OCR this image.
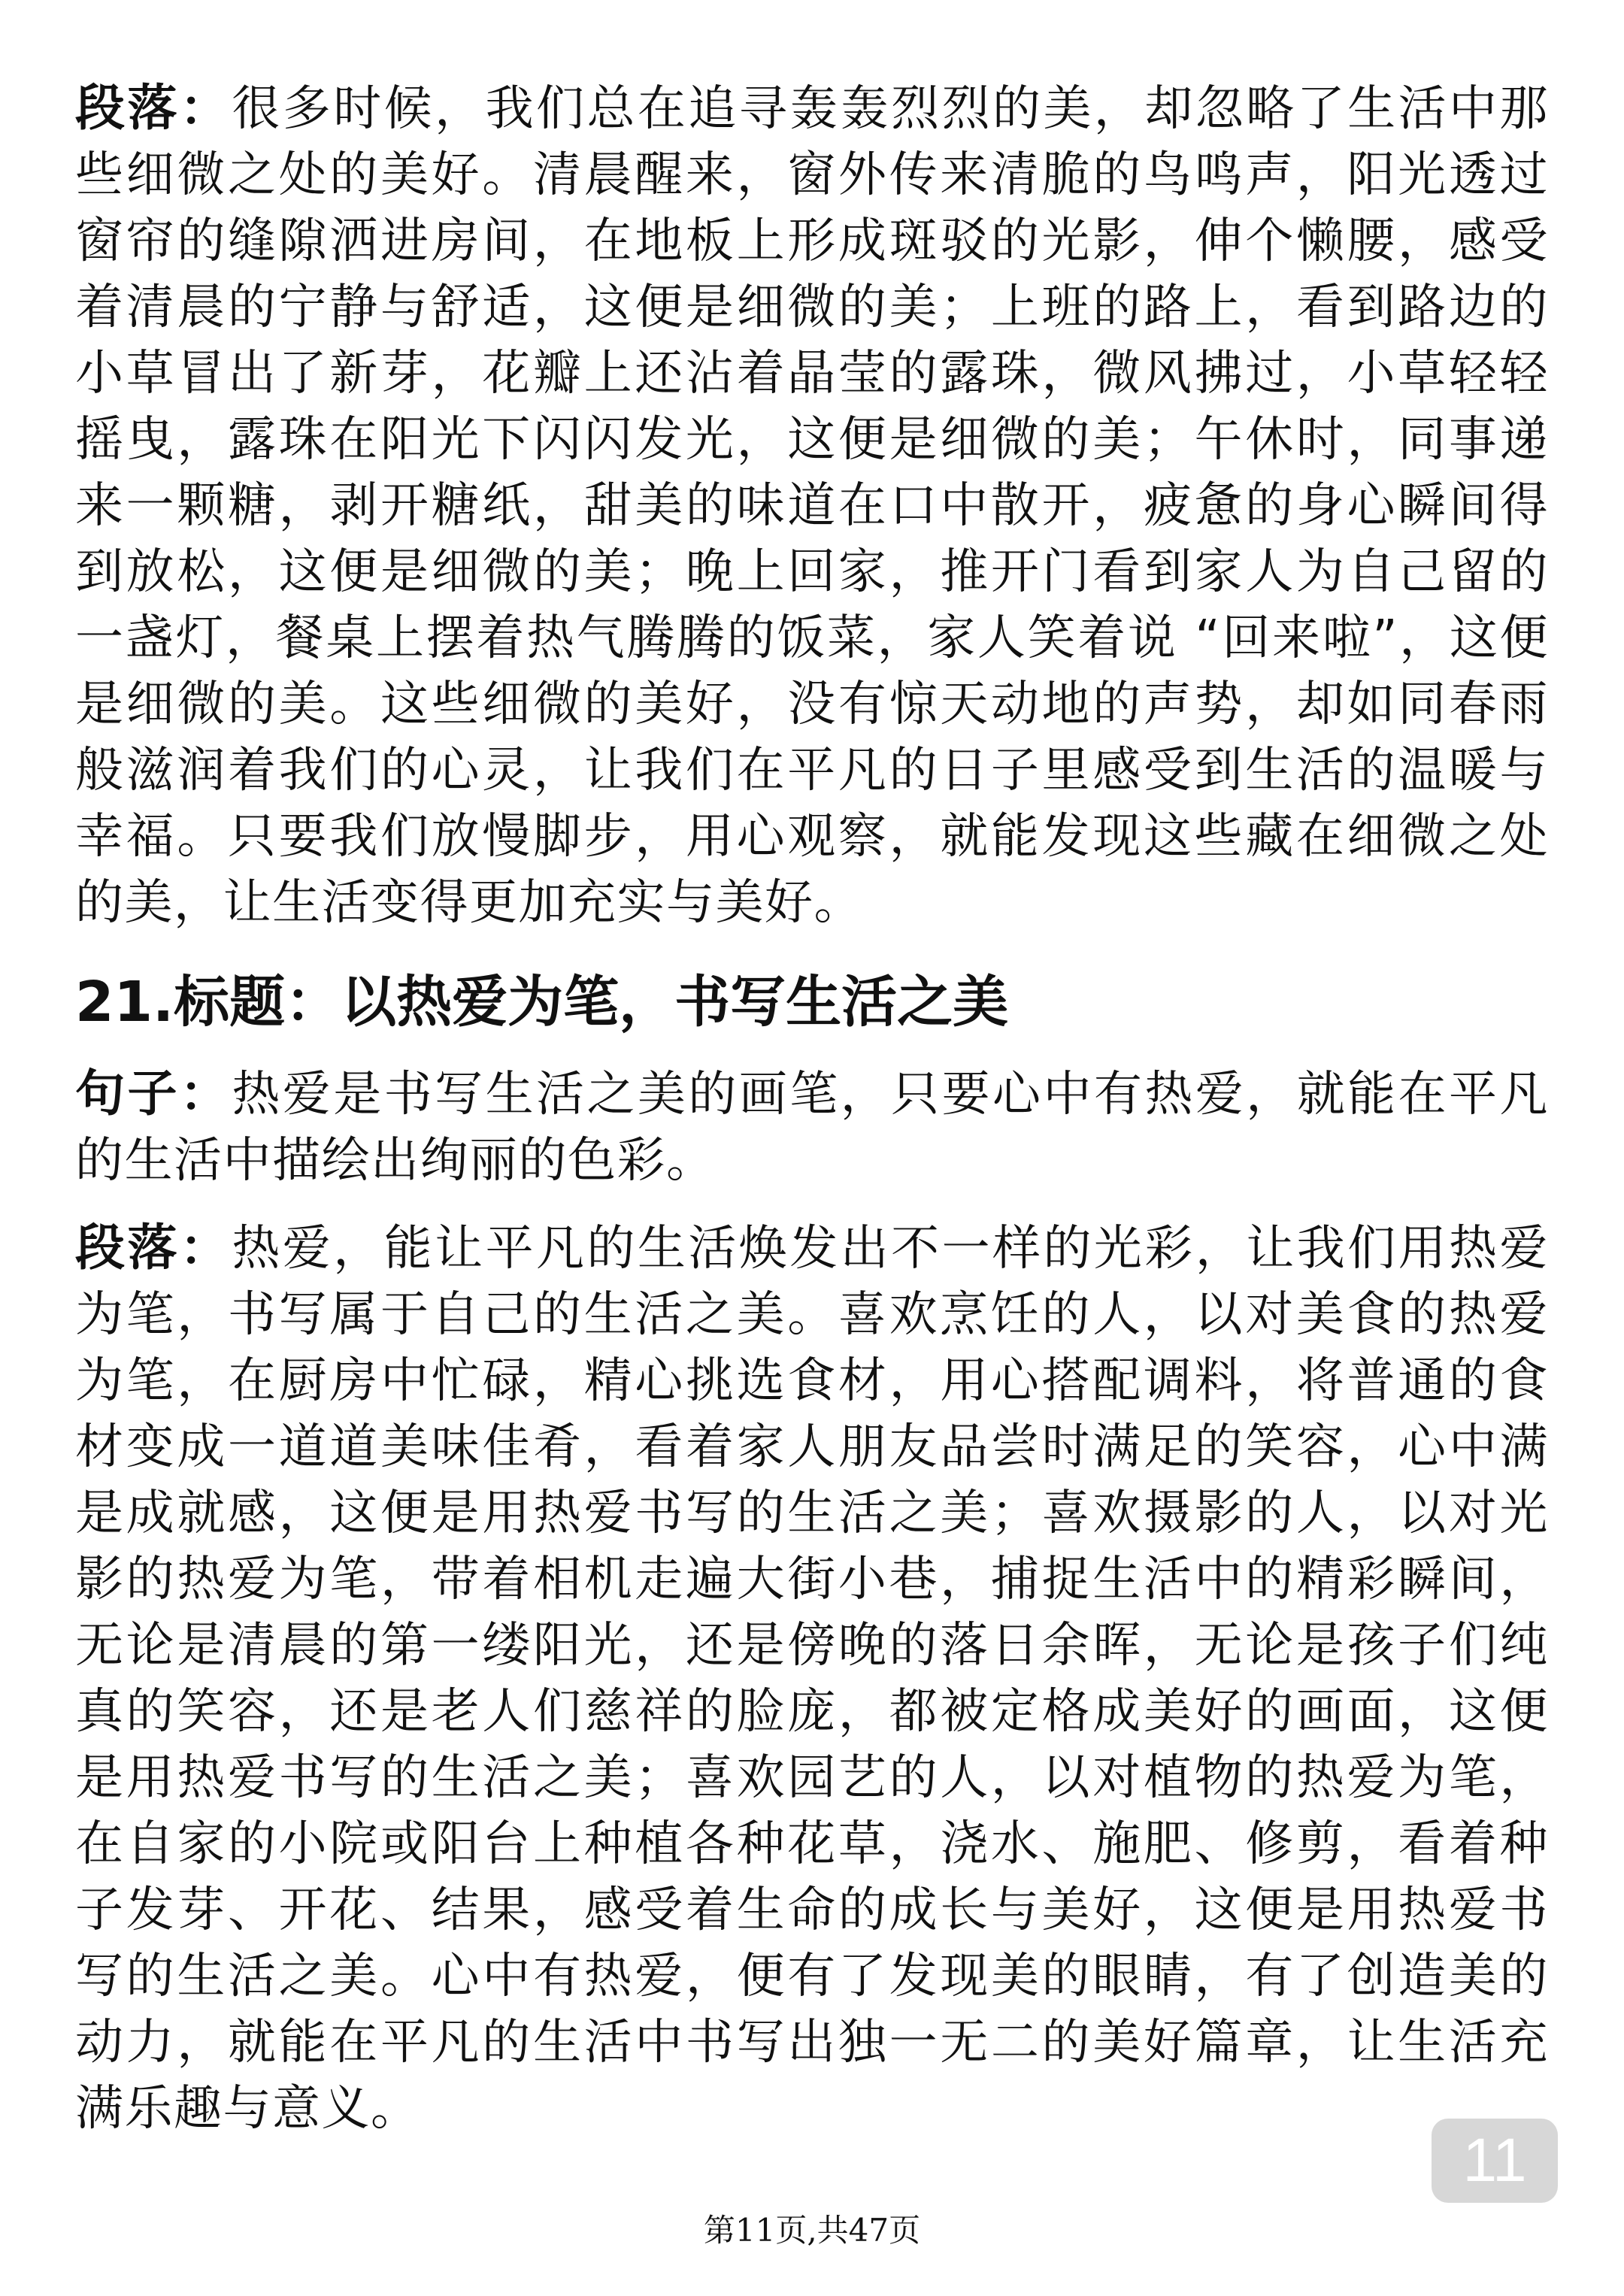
段落：很多时候，我们总在追寻轰轰烈烈的美，却忽略了生活中那些细微之处的美好。清晨醒来，窗外传来清脆的鸟鸣声，阳光透过窗帘的缝隙洒进房间，在地板上形成斑驳的光影，伸个懒腰，感受着清晨的宁静与舒适，这便是细微的美；上班的路上，看到路边的小草冒出了新芽，花瓣上还沾着晶莹的露珠，微风拂过，小草轻轻摇曳，露珠在阳光下闪闪发光，这便是细微的美；午休时，同事递来一颗糖，剥开糖纸，甜美的味道在口中散开，疲惫的身心瞬间得到放松，这便是细微的美；晚上回家，推开门看到家人为自己留的一盏灯，餐桌上摆着热气腾腾的饭菜，家人笑着说 “回来啦”，这便是细微的美。这些细微的美好，没有惊天动地的声势，却如同春雨般滋润着我们的心灵，让我们在平凡的日子里感受到生活的温暖与幸福。只要我们放慢脚步，用心观察，就能发现这些藏在细微之处的美，让生活变得更加充实与美好。

21.标题：以热爱为笔，书写生活之美

句子：热爱是书写生活之美的画笔，只要心中有热爱，就能在平凡的生活中描绘出绚丽的色彩。

段落：热爱，能让平凡的生活焕发出不一样的光彩，让我们用热爱为笔，书写属于自己的生活之美。喜欢烹饪的人，以对美食的热爱为笔，在厨房中忙碌，精心挑选食材，用心搭配调料，将普通的食材变成一道道美味佳肴，看着家人朋友品尝时满足的笑容，心中满是成就感，这便是用热爱书写的生活之美；喜欢摄影的人，以对光影的热爱为笔，带着相机走遍大街小巷，捕捉生活中的精彩瞬间，无论是清晨的第一缕阳光，还是傍晚的落日余晖，无论是孩子们纯真的笑容，还是老人们慈祥的脸庞，都被定格成美好的画面，这便是用热爱书写的生活之美；喜欢园艺的人，以对植物的热爱为笔，在自家的小院或阳台上种植各种花草，浇水、施肥、修剪，看着种子发芽、开花、结果，感受着生命的成长与美好，这便是用热爱书写的生活之美。心中有热爱，便有了发现美的眼睛，有了创造美的动力，就能在平凡的生活中书写出独一无二的美好篇章，让生活充满乐趣与意义。

11
第11页,共47页
